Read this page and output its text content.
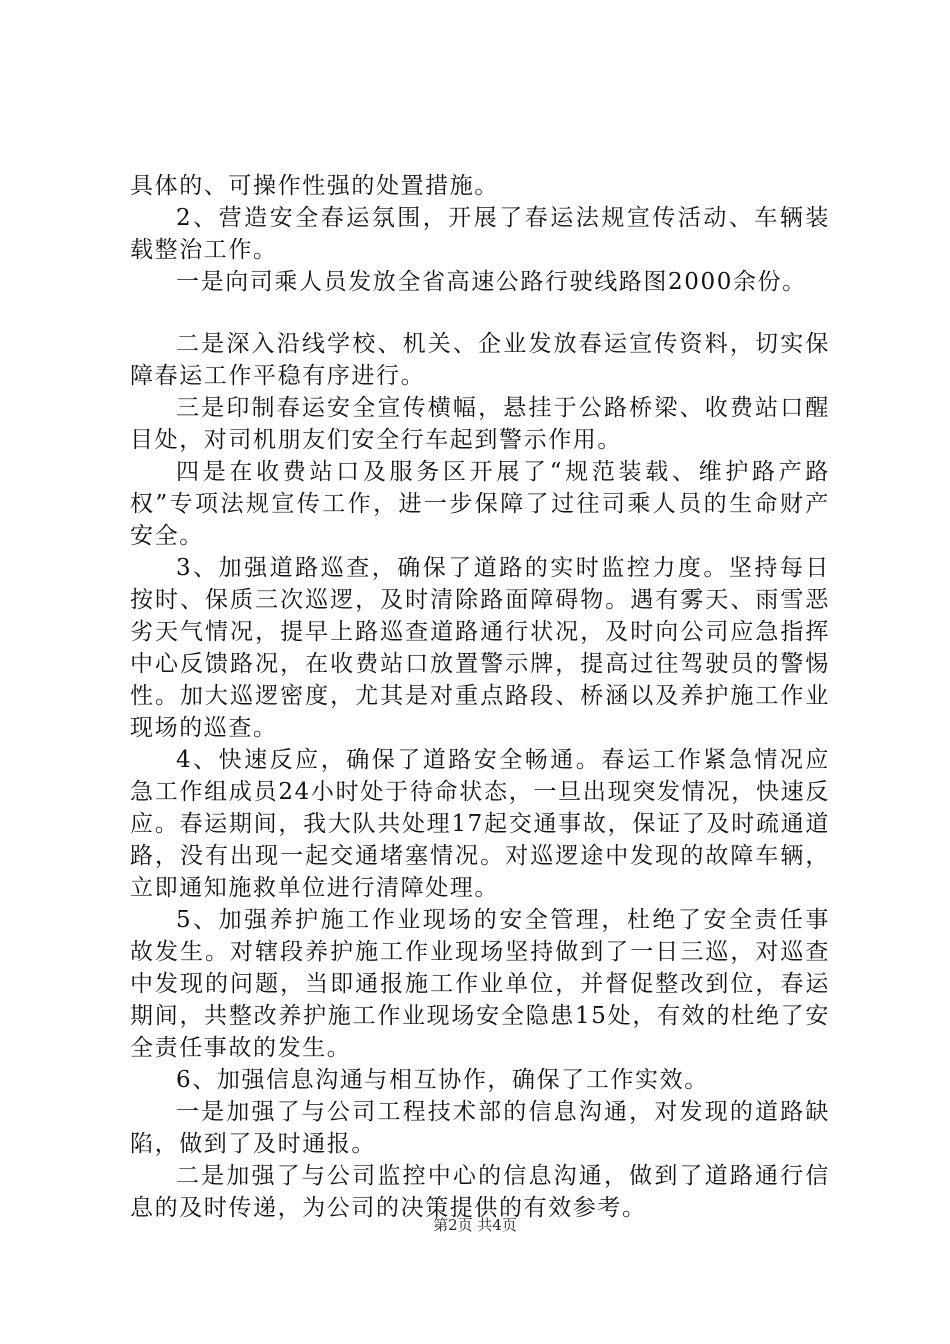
具体的、可操作性强的处置措施。

2、营造安全春运氛围，开展了春运法规宣传活动、车辆装载整治工作。

一是向司乘人员发放全省高速公路行驶线路图2000余份。

二是深入沿线学校、机关、企业发放春运宣传资料，切实保障春运工作平稳有序进行。

三是印制春运安全宣传横幅，悬挂于公路桥梁、收费站口醒目处，对司机朋友们安全行车起到警示作用。

四是在收费站口及服务区开展了“规范装载、维护路产路权”专项法规宣传工作，进一步保障了过往司乘人员的生命财产安全。

3、加强道路巡查，确保了道路的实时监控力度。坚持每日按时、保质三次巡逻，及时清除路面障碍物。遇有雾天、雨雪恶劣天气情况，提早上路巡查道路通行状况，及时向公司应急指挥中心反馈路况，在收费站口放置警示牌，提高过往驾驶员的警惕性。加大巡逻密度，尤其是对重点路段、桥涵以及养护施工作业现场的巡查。

4、快速反应，确保了道路安全畅通。春运工作紧急情况应急工作组成员24小时处于待命状态，一旦出现突发情况，快速反应。春运期间，我大队共处理17起交通事故，保证了及时疏通道路，没有出现一起交通堵塞情况。对巡逻途中发现的故障车辆，立即通知施救单位进行清障处理。

5、加强养护施工作业现场的安全管理，杜绝了安全责任事故发生。对辖段养护施工作业现场坚持做到了一日三巡，对巡查中发现的问题，当即通报施工作业单位，并督促整改到位，春运期间，共整改养护施工作业现场安全隐患15处，有效的杜绝了安全责任事故的发生。

6、加强信息沟通与相互协作，确保了工作实效。

一是加强了与公司工程技术部的信息沟通，对发现的道路缺陷，做到了及时通报。

二是加强了与公司监控中心的信息沟通，做到了道路通行信息的及时传递，为公司的决策提供的有效参考。

第2页 共4页
